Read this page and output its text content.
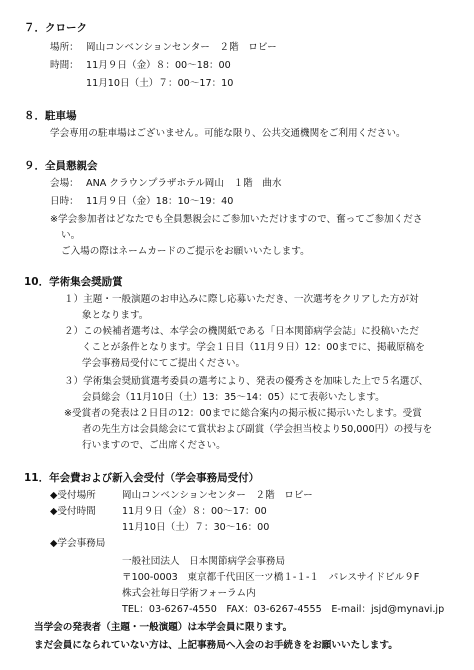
７．クローク
場所： 岡山コンベンションセンター　２階　ロビー
時間： 11月９日（金）８：00～18：00
11月10日（土）７：00～17：10
８．駐車場
学会専用の駐車場はございません。可能な限り、公共交通機関をご利用ください。
９．全員懇親会
会場： ANA クラウンプラザホテル岡山　１階　曲水
日時： 11月９日（金）18：10～19：40
※学会参加者はどなたでも全員懇親会にご参加いただけますので、奮ってご参加くださ
い。
ご入場の際はネームカードのご提示をお願いいたします。
10．学術集会奨励賞
１）主題・一般演題のお申込みに際し応募いただき、一次選考をクリアした方が対
象となります。
２）この候補者選考は、本学会の機関紙である「日本関節病学会誌」に投稿いただ
くことが条件となります。学会１日目（11月９日）12：00までに、掲載原稿を
学会事務局受付にてご提出ください。
３）学術集会奨励賞選考委員の選考により、発表の優秀さを加味した上で５名選び、
会員総会（11月10日（土）13：35～14：05）にて表彰いたします。
※受賞者の発表は２日目の12：00までに総合案内の掲示板に掲示いたします。受賞
者の先生方は会員総会にて賞状および副賞（学会担当校より50,000円）の授与を
行いますので、ご出席ください。
11．年会費および新入会受付（学会事務局受付）
◆受付場所	岡山コンベンションセンター　２階　ロビー
◆受付時間	11月９日（金）８：00～17：00
11月10日（土）７：30～16：00
◆学会事務局
一般社団法人　日本関節病学会事務局
〒100-0003　東京都千代田区一ツ橋１-１-１　パレスサイドビル９F
株式会社毎日学術フォーラム内
TEL：03-6267-4550　FAX：03-6267-4555　E-mail：jsjd@mynavi.jp
当学会の発表者（主題・一般演題）は本学会員に限ります。
まだ会員になられていない方は、上記事務局へ入会のお手続きをお願いいたします。
